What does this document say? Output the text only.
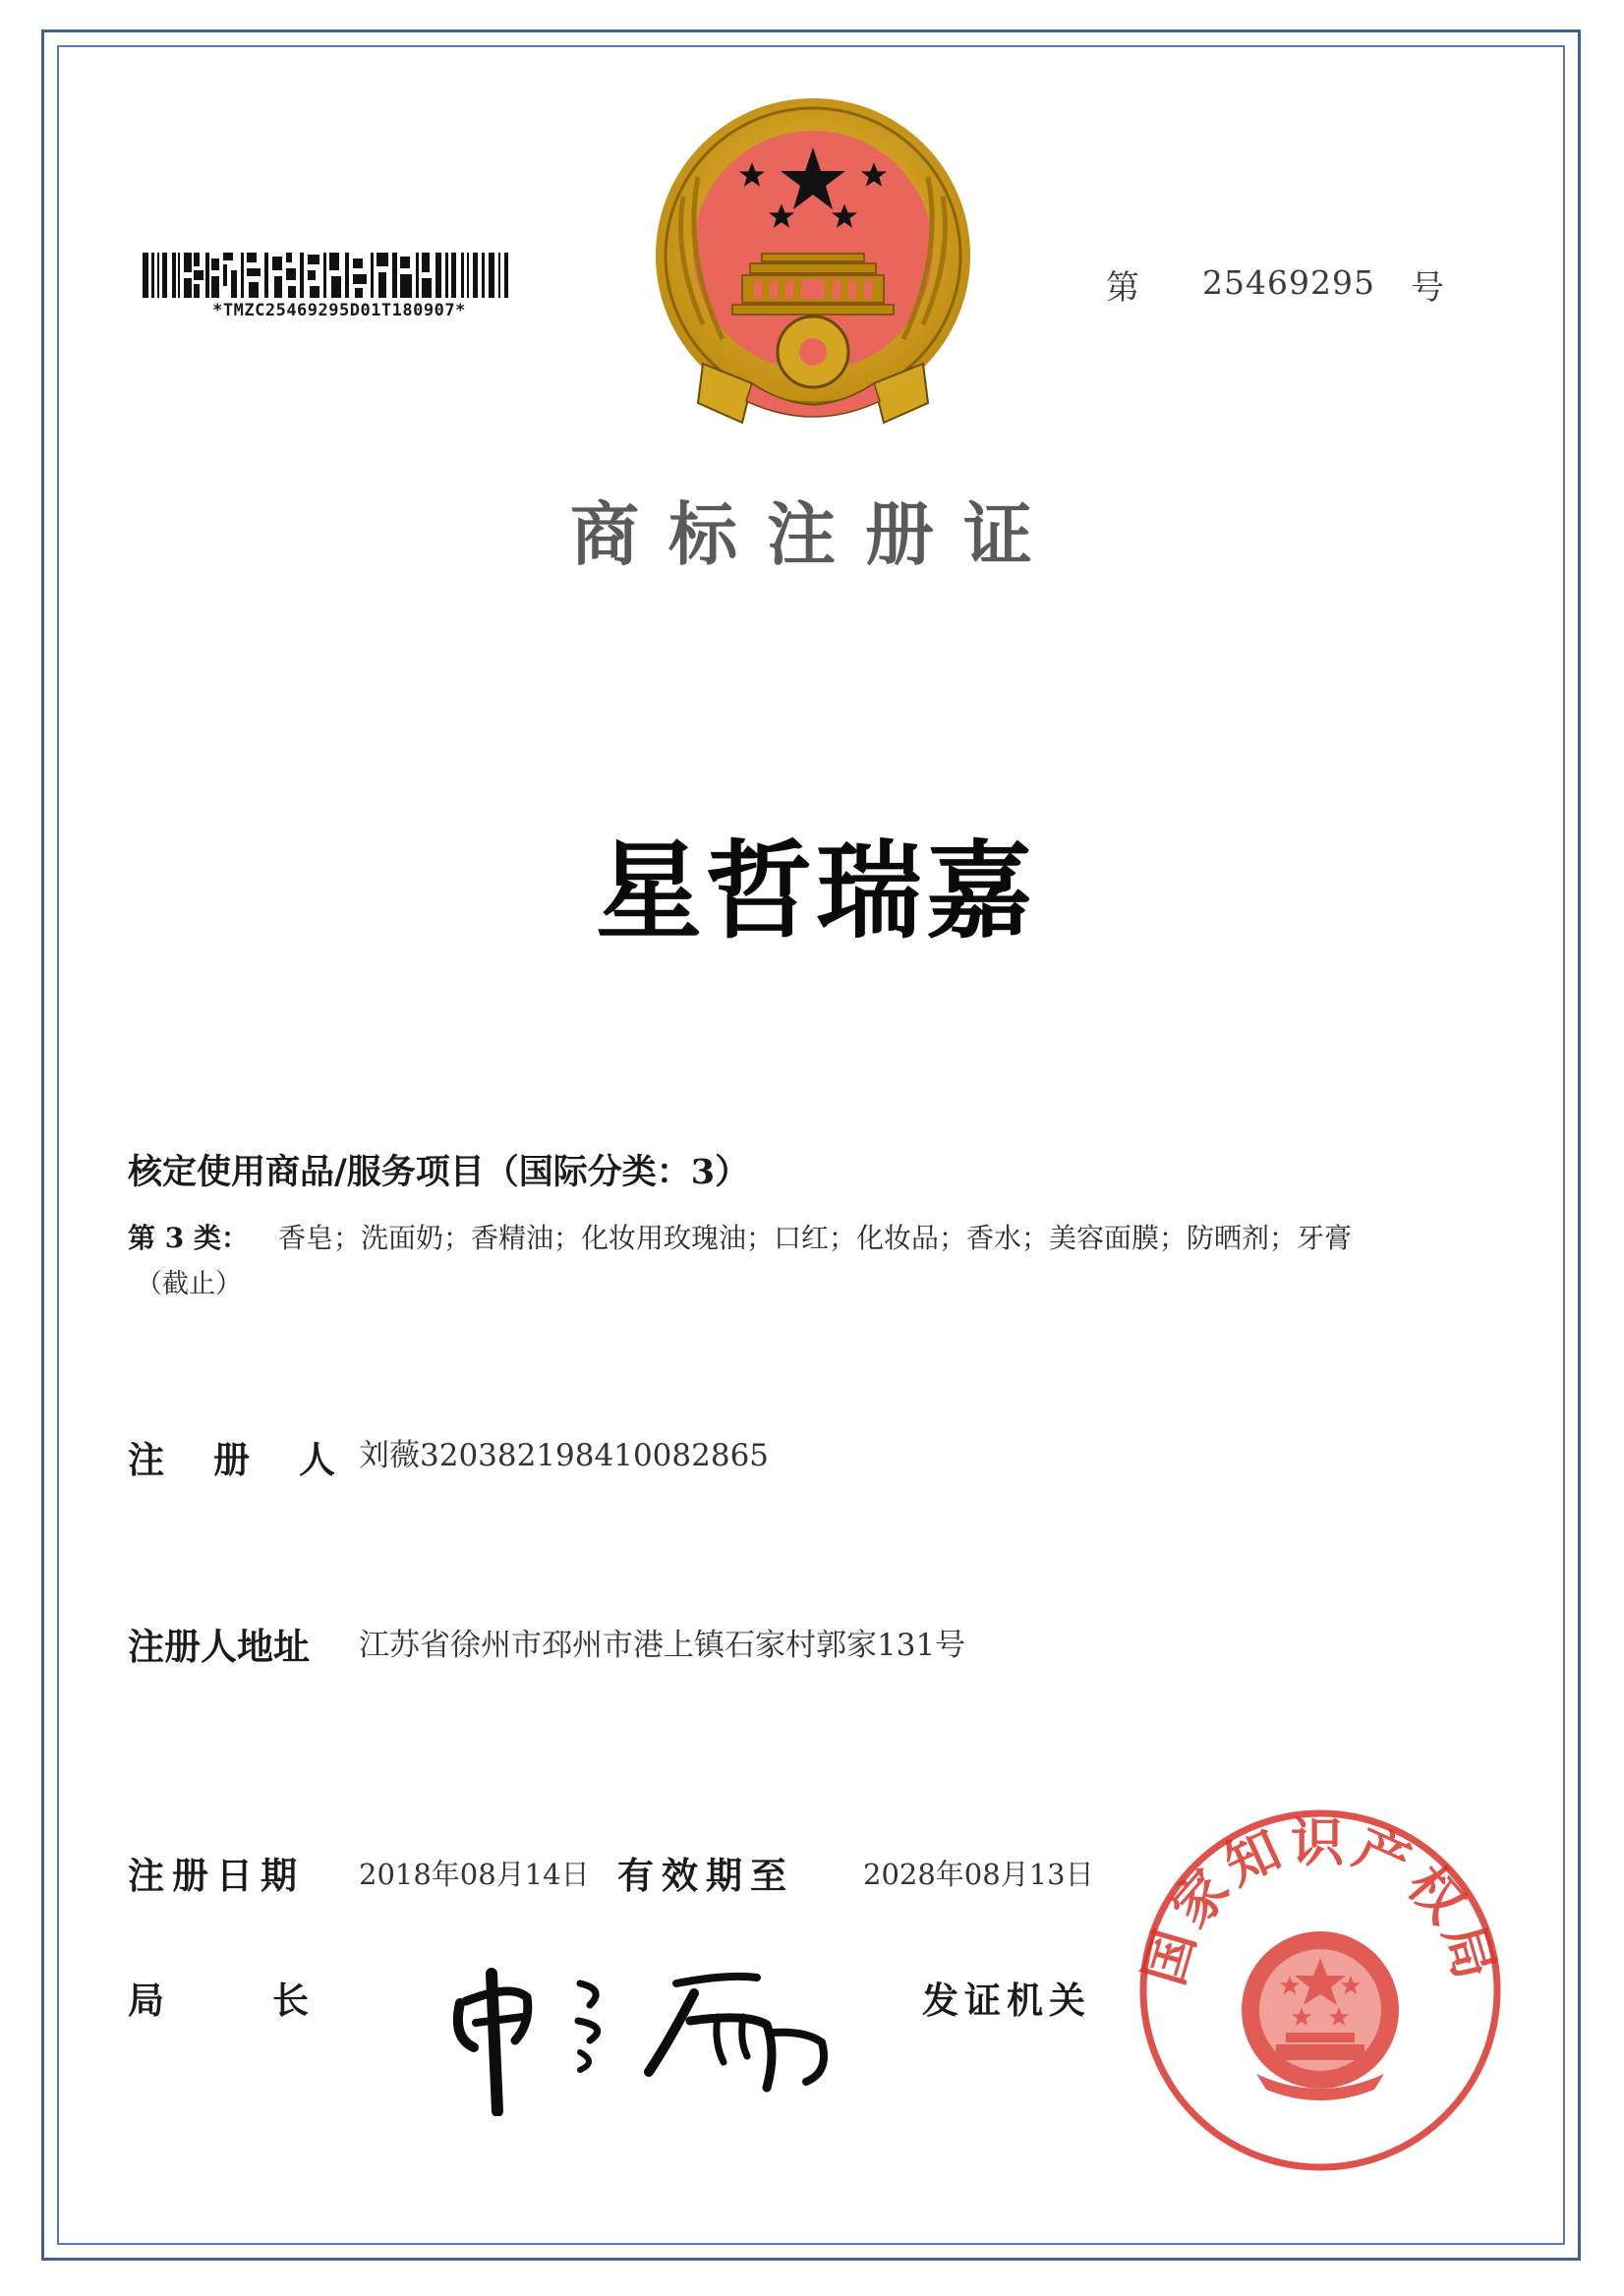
*TMZC25469295D01T180907*
第 25469295 号
商标注册证
星哲瑞嘉
核定使用商品/服务项目（国际分类：3）
第 3 类： 香皂；洗面奶；香精油；化妆用玫瑰油；口红；化妆品；香水；美容面膜；防晒剂；牙膏
（截止）
注册人
刘薇320382198410082865
注册人地址 江苏省徐州市邳州市港上镇石家村郭家131号
注册日期 2018年08月14日 有效期至 2028年08月13日
局长	发证机关
国家知识产权局
